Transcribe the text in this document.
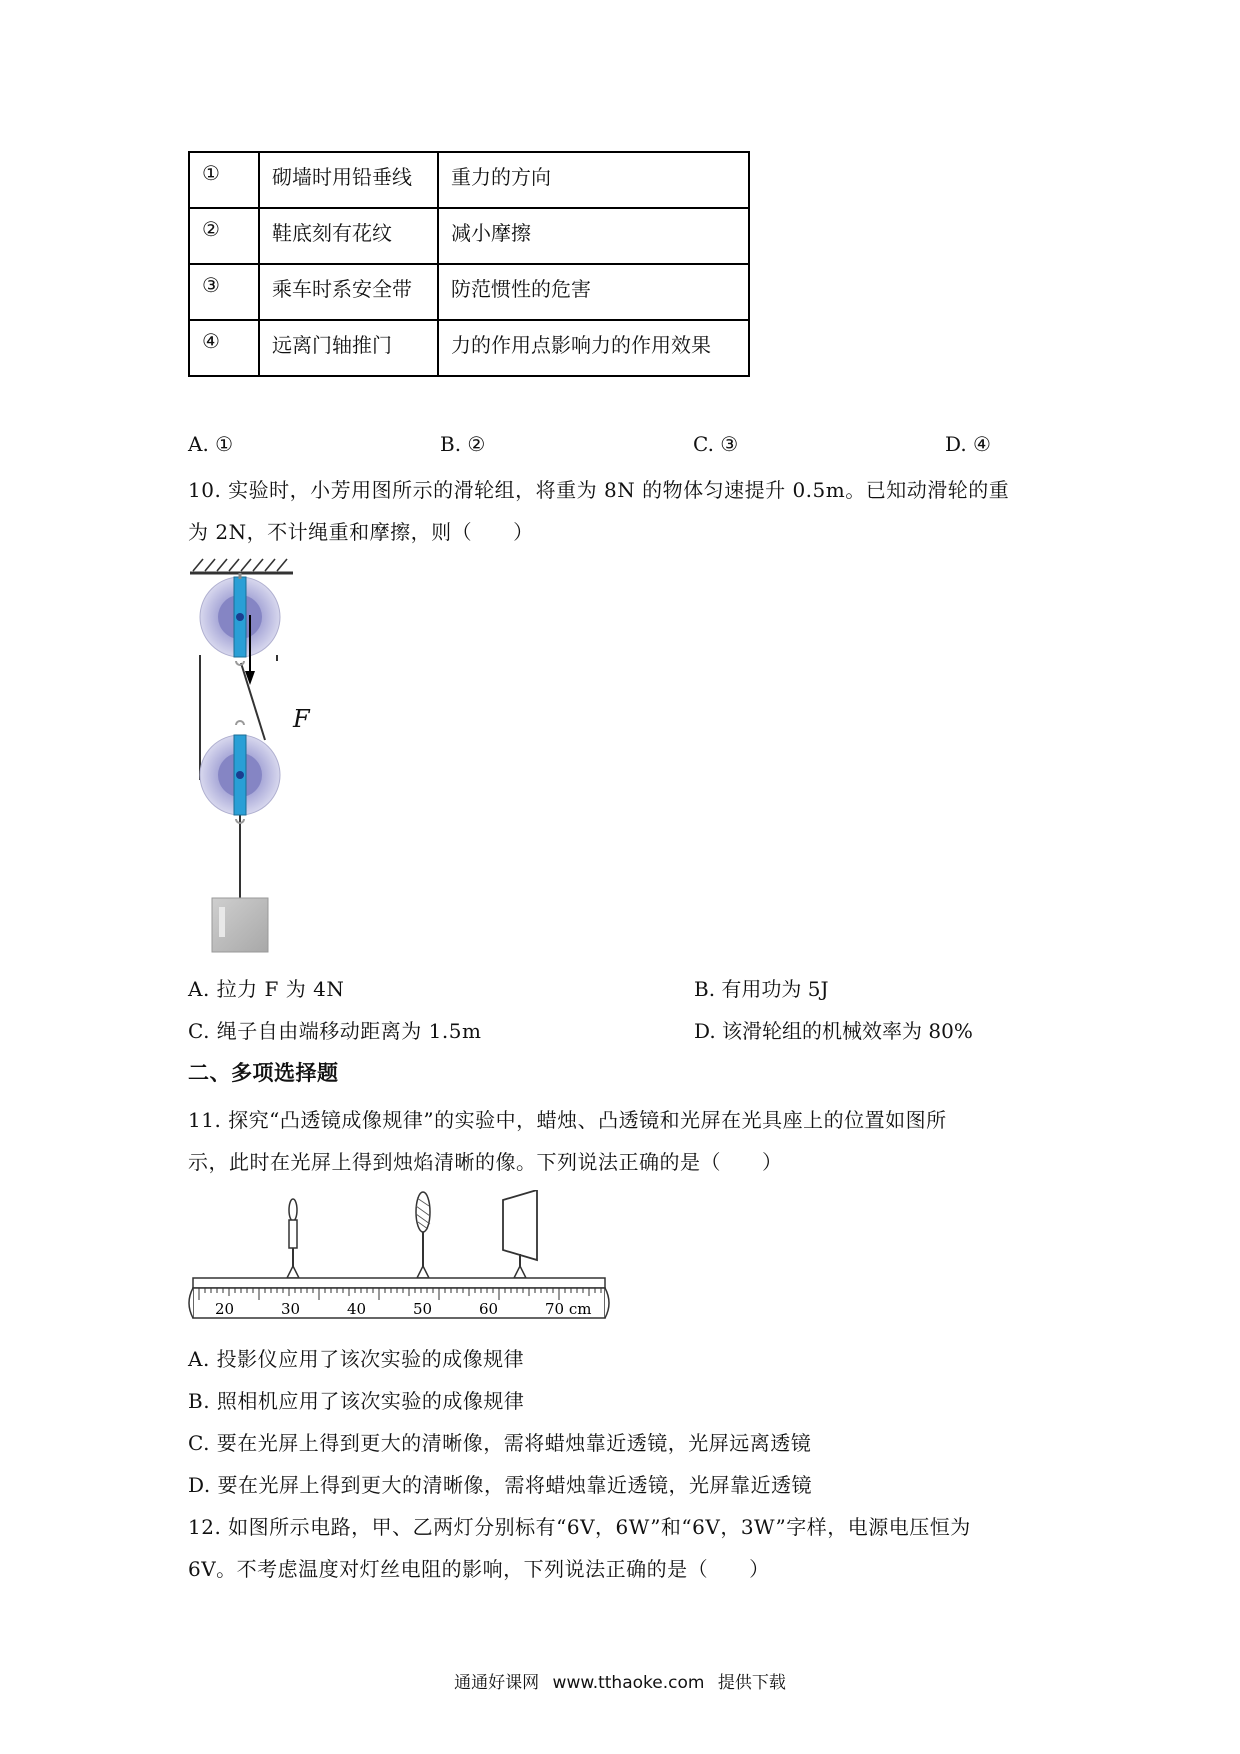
①	砌墙时用铅垂线	重力的方向
②	鞋底刻有花纹	减小摩擦
③	乘车时系安全带	防范惯性的危害
④	远离门轴推门	力的作用点影响力的作用效果
A. ①	B. ②	C. ③	D. ④
10. 实验时，小芳用图所示的滑轮组，将重为 8N 的物体匀速提升 0.5m。已知动滑轮的重
为 2N，不计绳重和摩擦，则（　　）
F
A. 拉力 F 为 4N	B. 有用功为 5J
C. 绳子自由端移动距离为 1.5m	D. 该滑轮组的机械效率为 80%
二、多项选择题
11. 探究“凸透镜成像规律”的实验中，蜡烛、凸透镜和光屏在光具座上的位置如图所
示，此时在光屏上得到烛焰清晰的像。下列说法正确的是（　　）
20	30	40	50	60	70 cm
A. 投影仪应用了该次实验的成像规律
B. 照相机应用了该次实验的成像规律
C. 要在光屏上得到更大的清晰像，需将蜡烛靠近透镜，光屏远离透镜
D. 要在光屏上得到更大的清晰像，需将蜡烛靠近透镜，光屏靠近透镜
12. 如图所示电路，甲、乙两灯分别标有“6V，6W”和“6V，3W”字样，电源电压恒为
6V。不考虑温度对灯丝电阻的影响，下列说法正确的是（　　）
通通好课网 www.tthaoke.com 提供下载
